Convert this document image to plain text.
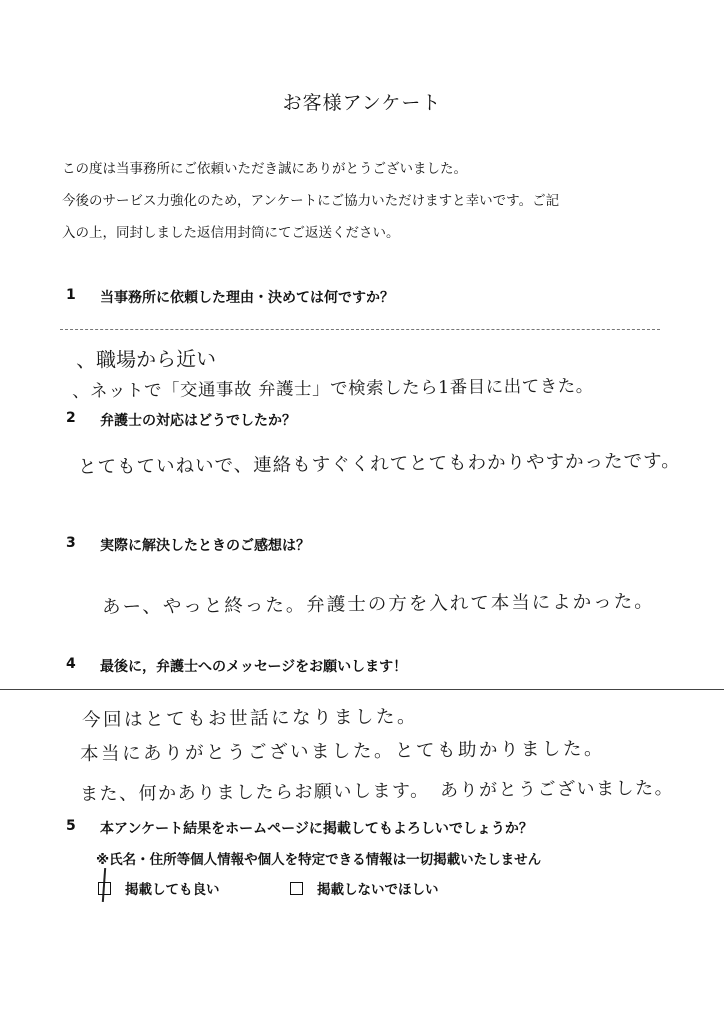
お客様アンケート
この度は当事務所にご依頼いただき誠にありがとうございました。
今後のサービス力強化のため，アンケートにご協力いただけますと幸いです。ご記
入の上，同封しました返信用封筒にてご返送ください。
1 当事務所に依頼した理由・決めては何ですか？
、職場から近い
、ネットで「交通事故 弁護士」で検索したら1番目に出てきた。
2 弁護士の対応はどうでしたか？
とてもていねいで、連絡もすぐくれてとてもわかりやすかったです。
3 実際に解決したときのご感想は？
あー、やっと終った。弁護士の方を入れて本当によかった。
4 最後に，弁護士へのメッセージをお願いします！
今回はとてもお世話になりました。
本当にありがとうございました。とても助かりました。
また、何かありましたらお願いします。　ありがとうございました。
5 本アンケート結果をホームページに掲載してもよろしいでしょうか？
※氏名・住所等個人情報や個人を特定できる情報は一切掲載いたしません
掲載しても良い	掲載しないでほしい
